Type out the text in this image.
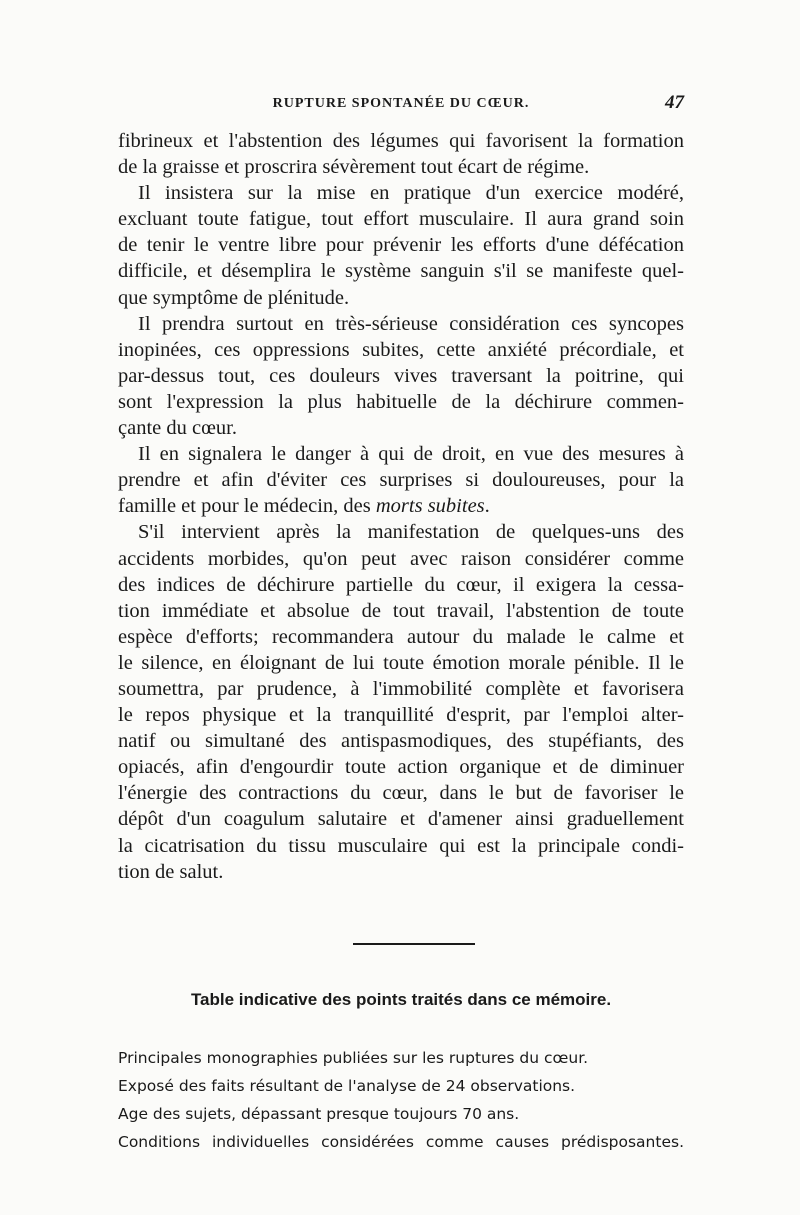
RUPTURE SPONTANÉE DU CŒUR.	47
fibrineux et l'abstention des légumes qui favorisent la formation
de la graisse et proscrira sévèrement tout écart de régime.
Il insistera sur la mise en pratique d'un exercice modéré,
excluant toute fatigue, tout effort musculaire. Il aura grand soin
de tenir le ventre libre pour prévenir les efforts d'une défécation
difficile, et désemplira le système sanguin s'il se manifeste quel-
que symptôme de plénitude.
Il prendra surtout en très-sérieuse considération ces syncopes
inopinées, ces oppressions subites, cette anxiété précordiale, et
par-dessus tout, ces douleurs vives traversant la poitrine, qui
sont l'expression la plus habituelle de la déchirure commen-
çante du cœur.
Il en signalera le danger à qui de droit, en vue des mesures à
prendre et afin d'éviter ces surprises si douloureuses, pour la
famille et pour le médecin, des morts subites.
S'il intervient après la manifestation de quelques-uns des
accidents morbides, qu'on peut avec raison considérer comme
des indices de déchirure partielle du cœur, il exigera la cessa-
tion immédiate et absolue de tout travail, l'abstention de toute
espèce d'efforts; recommandera autour du malade le calme et
le silence, en éloignant de lui toute émotion morale pénible. Il le
soumettra, par prudence, à l'immobilité complète et favorisera
le repos physique et la tranquillité d'esprit, par l'emploi alter-
natif ou simultané des antispasmodiques, des stupéfiants, des
opiacés, afin d'engourdir toute action organique et de diminuer
l'énergie des contractions du cœur, dans le but de favoriser le
dépôt d'un coagulum salutaire et d'amener ainsi graduellement
la cicatrisation du tissu musculaire qui est la principale condi-
tion de salut.
Table indicative des points traités dans ce mémoire.
Principales monographies publiées sur les ruptures du cœur.
Exposé des faits résultant de l'analyse de 24 observations.
Age des sujets, dépassant presque toujours 70 ans.
Conditions individuelles considérées comme causes prédisposantes.
